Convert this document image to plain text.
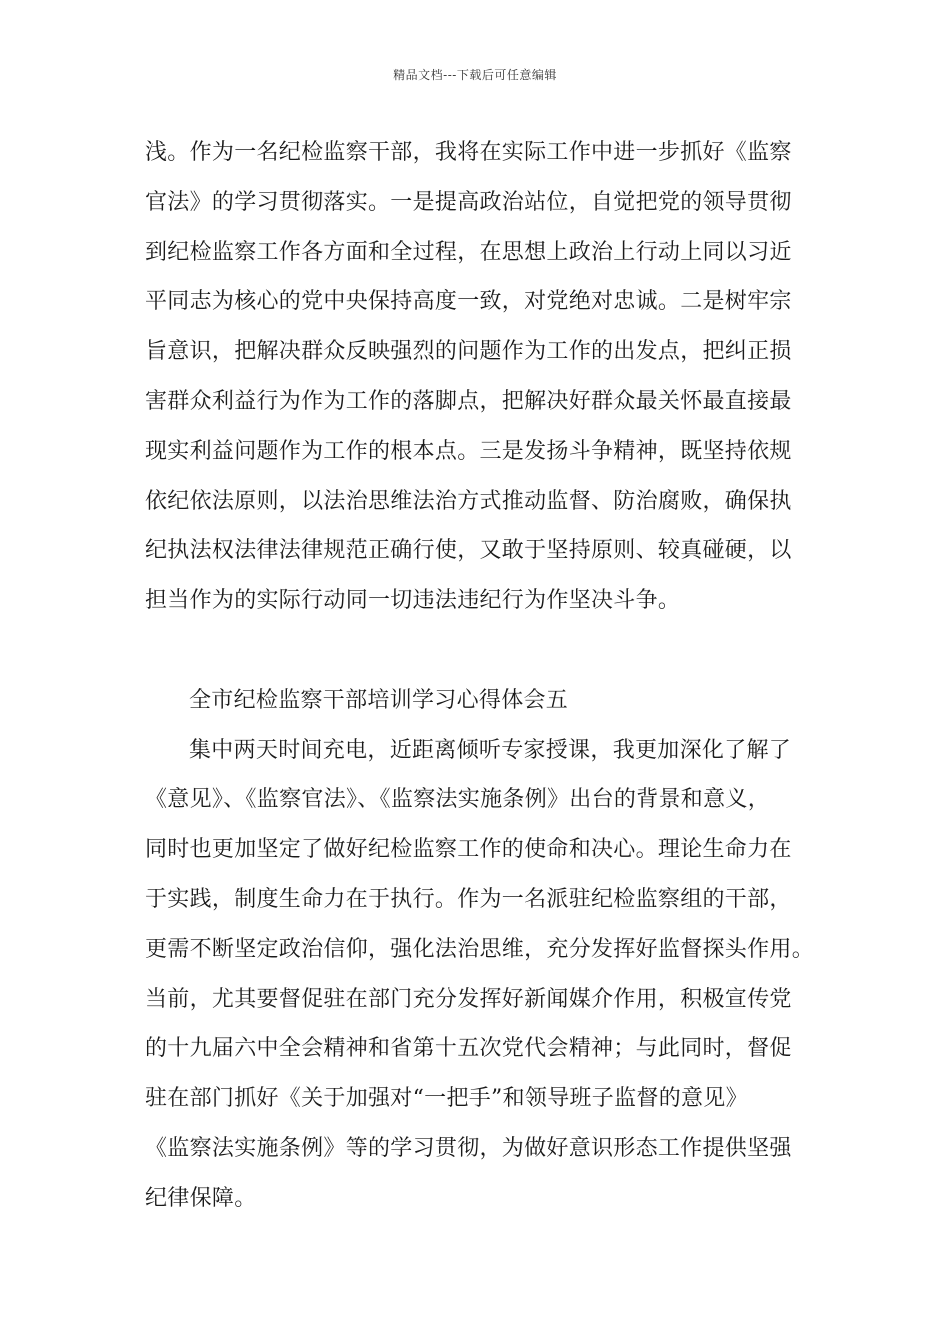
精品文档---下载后可任意编辑
浅。作为一名纪检监察干部，我将在实际工作中进一步抓好《监察
官法》的学习贯彻落实。一是提高政治站位，自觉把党的领导贯彻
到纪检监察工作各方面和全过程，在思想上政治上行动上同以习近
平同志为核心的党中央保持高度一致，对党绝对忠诚。二是树牢宗
旨意识，把解决群众反映强烈的问题作为工作的出发点，把纠正损
害群众利益行为作为工作的落脚点，把解决好群众最关怀最直接最
现实利益问题作为工作的根本点。三是发扬斗争精神，既坚持依规
依纪依法原则，以法治思维法治方式推动监督、防治腐败，确保执
纪执法权法律法律规范正确行使，又敢于坚持原则、较真碰硬，以
担当作为的实际行动同一切违法违纪行为作坚决斗争。
全市纪检监察干部培训学习心得体会五
集中两天时间充电，近距离倾听专家授课，我更加深化了解了
《意见》、《监察官法》、《监察法实施条例》出台的背景和意义，
同时也更加坚定了做好纪检监察工作的使命和决心。理论生命力在
于实践，制度生命力在于执行。作为一名派驻纪检监察组的干部，
更需不断坚定政治信仰，强化法治思维，充分发挥好监督探头作用。
当前，尤其要督促驻在部门充分发挥好新闻媒介作用，积极宣传党
的十九届六中全会精神和省第十五次党代会精神；与此同时，督促
驻在部门抓好《关于加强对“一把手”和领导班子监督的意见》
《监察法实施条例》等的学习贯彻，为做好意识形态工作提供坚强
纪律保障。
